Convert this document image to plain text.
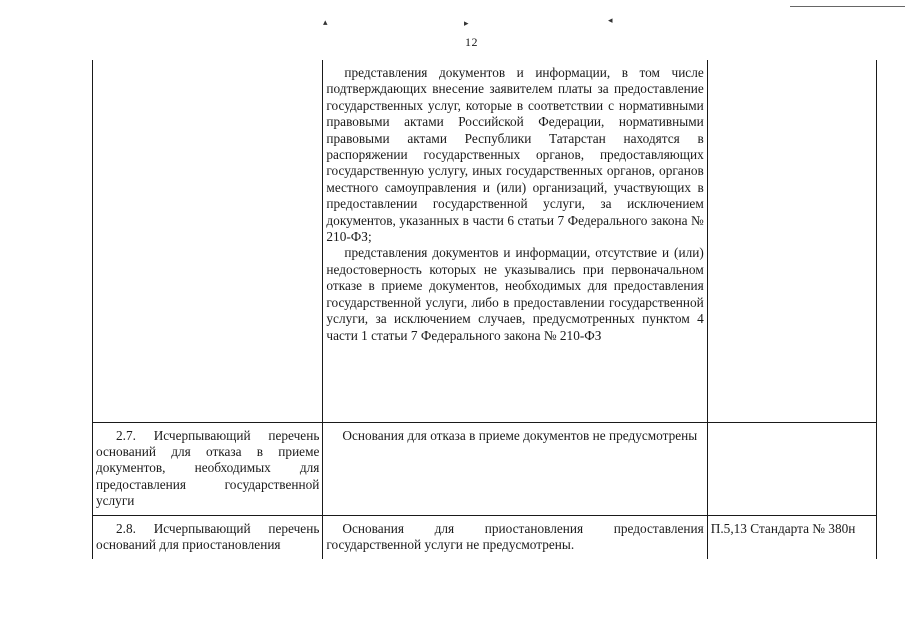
▴	▸	◂
12

	представления документов и информации, в том числе подтверждающих внесение заявителем платы за предоставление государственных услуг, которые в соответствии с нормативными правовыми актами Российской Федерации, нормативными правовыми актами Республики Татарстан находятся в распоряжении государственных органов, предоставляющих государственную услугу, иных государственных органов, органов местного самоуправления и (или) организаций, участвующих в предоставлении государственной услуги, за исключением документов, указанных в части 6 статьи 7 Федерального закона № 210-ФЗ;

представления документов и информации, отсутствие и (или) недостоверность которых не указывались при первоначальном отказе в приеме документов, необходимых для предоставления государственной услуги, либо в предоставлении государственной услуги, за исключением случаев, предусмотренных пунктом 4 части 1 статьи 7 Федерального закона № 210-ФЗ	

2.7. Исчерпывающий перечень оснований для отказа в приеме документов, необходимых для предоставления государственной услуги	Основания для отказа в приеме документов не предусмотрены	

2.8. Исчерпывающий перечень оснований для приостановления	Основания для приостановления предоставления государственной услуги не предусмотрены.	П.5,13 Стандарта № 380н
